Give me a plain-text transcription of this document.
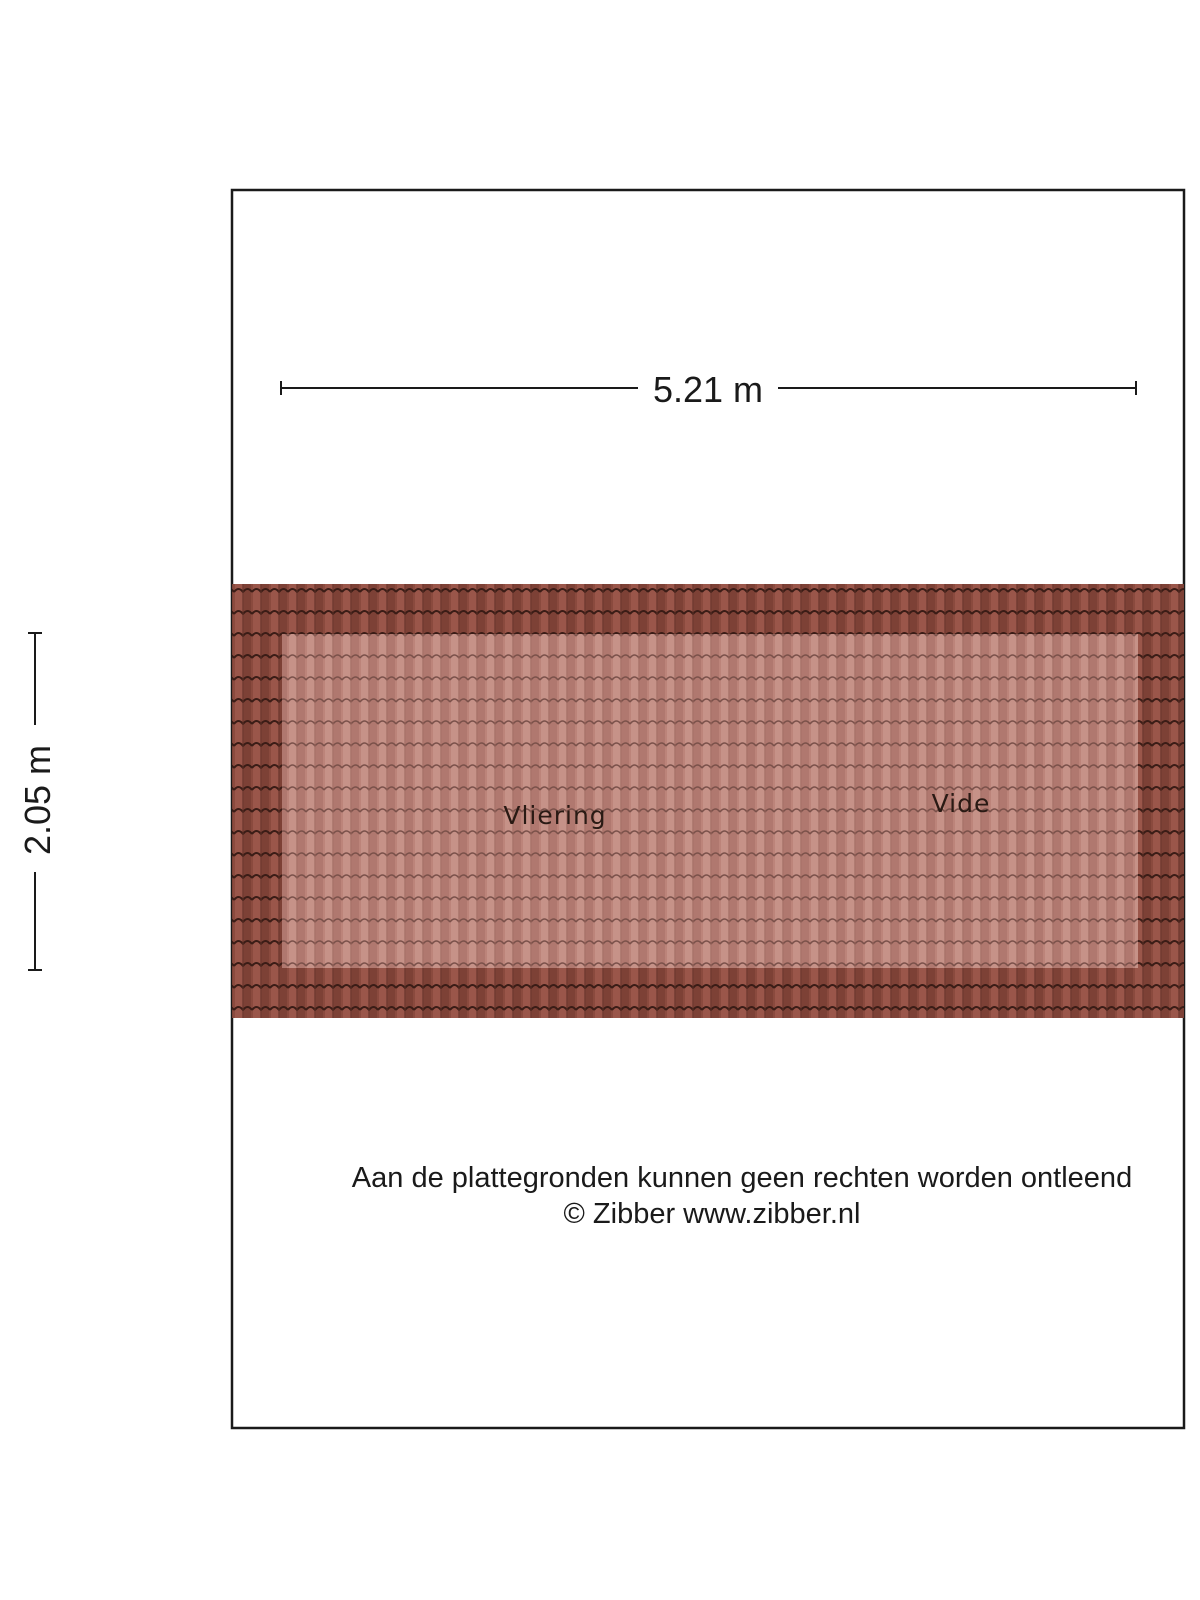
5.21 m
2.05 m	Vliering	Vide
Aan de plattegronden kunnen geen rechten worden ontleend
© Zibber www.zibber.nl
